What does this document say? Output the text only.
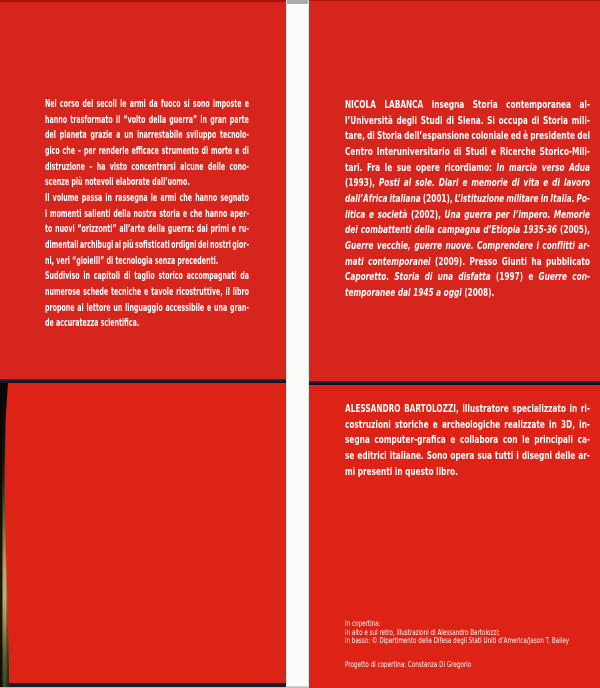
Nel corso dei secoli le armi da fuoco si sono imposte e
hanno trasformato il “volto della guerra” in gran parte
del pianeta grazie a un inarrestabile sviluppo tecnolo-
gico che – per renderle efficace strumento di morte e di
distruzione – ha visto concentrarsi alcune delle cono-
scenze più notevoli elaborate dall’uomo.
Il volume passa in rassegna le armi che hanno segnato
i momenti salienti della nostra storia e che hanno aper-
to nuovi “orizzonti” all’arte della guerra: dai primi e ru-
dimentali archibugi ai più sofisticati ordigni dei nostri gior-
ni, veri “gioielli” di tecnologia senza precedenti.
Suddiviso in capitoli di taglio storico accompagnati da
numerose schede tecniche e tavole ricostruttive, il libro
propone al lettore un linguaggio accessibile e una gran-
de accuratezza scientifica.
NICOLA LABANCA insegna Storia contemporanea al-
l’Università degli Studi di Siena. Si occupa di Storia mili-
tare, di Storia dell’espansione coloniale ed è presidente del
Centro Interuniversitario di Studi e Ricerche Storico-Mili-
tari. Fra le sue opere ricordiamo: In marcia verso Adua
(1993), Posti al sole. Diari e memorie di vita e di lavoro
dall’Africa italiana (2001), L’istituzione militare in Italia. Po-
litica e società (2002), Una guerra per l’impero. Memorie
dei combattenti della campagna d’Etiopia 1935-36 (2005),
Guerre vecchie, guerre nuove. Comprendere i conflitti ar-
mati contemporanei (2009). Presso Giunti ha pubblicato
Caporetto. Storia di una disfatta (1997) e Guerre con-
temporanee dal 1945 a oggi (2008).
ALESSANDRO BARTOLOZZI, illustratore specializzato in ri-
costruzioni storiche e archeologiche realizzate in 3D, in-
segna computer-grafica e collabora con le principali ca-
se editrici italiane. Sono opera sua tutti i disegni delle ar-
mi presenti in questo libro.
In copertina:
in alto e sul retro, illustrazioni di Alessandro Bartolozzi;
in basso: © Dipartimento della Difesa degli Stati Uniti d’America/Jason T. Bailey
Progetto di copertina: Constanza Di Gregorio
